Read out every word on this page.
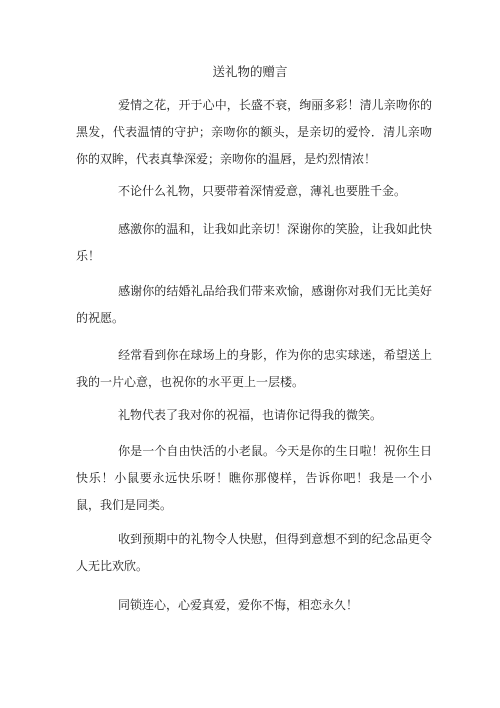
送礼物的赠言

爱情之花，开于心中，长盛不衰，绚丽多彩！清儿亲吻你的黑发，代表温情的守护；亲吻你的额头，是亲切的爱怜．清儿亲吻你的双眸，代表真挚深爱；亲吻你的温唇，是灼烈情浓！

不论什么礼物，只要带着深情爱意，薄礼也要胜千金。

感激你的温和，让我如此亲切！深谢你的笑脸，让我如此快乐！

感谢你的结婚礼品给我们带来欢愉，感谢你对我们无比美好的祝愿。

经常看到你在球场上的身影，作为你的忠实球迷，希望送上我的一片心意，也祝你的水平更上一层楼。

礼物代表了我对你的祝福，也请你记得我的微笑。

你是一个自由快活的小老鼠。今天是你的生日啦！祝你生日快乐！小鼠要永远快乐呀！瞧你那傻样，告诉你吧！我是一个小鼠，我们是同类。

收到预期中的礼物令人快慰，但得到意想不到的纪念品更令人无比欢欣。

同锁连心，心爱真爱，爱你不悔，相恋永久！
